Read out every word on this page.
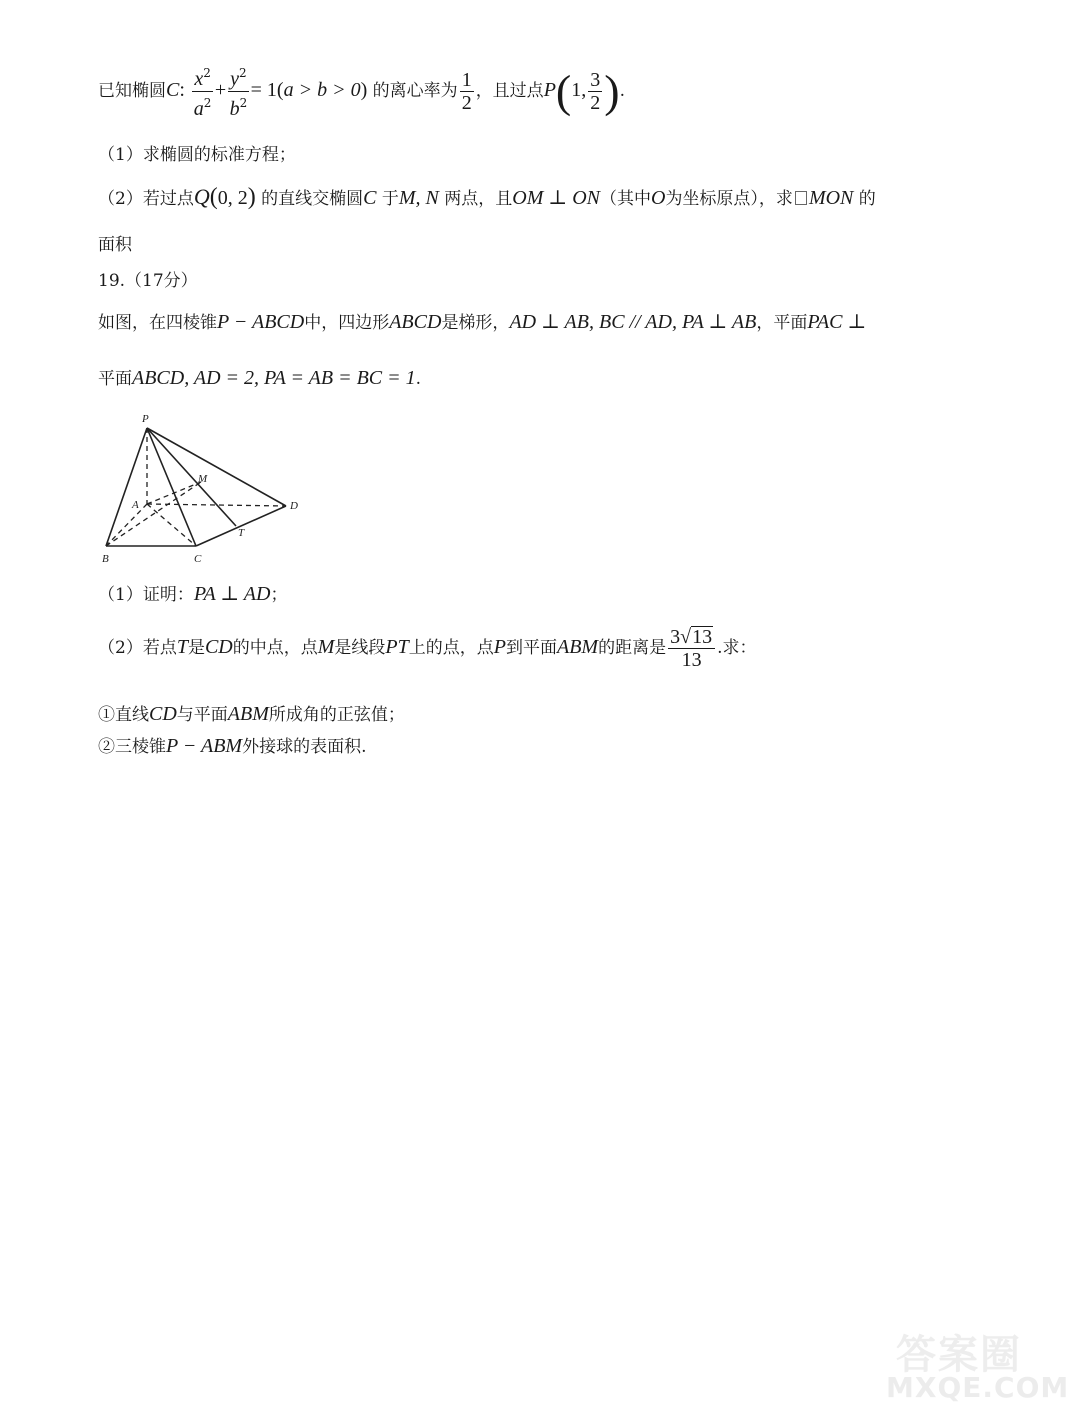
已知椭圆C: $\frac{x^2}{a^2} + \frac{y^2}{b^2} = 1(a > b > 0)$ 的离心率为 $\frac{1}{2}$ ，且过点P(1, $\frac{3}{2}$ ).
（1）求椭圆的标准方程；
（2）若过点Q(0, 2) 的直线交椭圆C 于M, N 两点，且OM ⊥ ON（其中O为坐标原点），求 MON 的
面积
19.（17分）
如图，在四棱锥P − ABCD中，四边形ABCD是梯形，AD ⊥ AB, BC // AD, PA ⊥ AB，平面PAC ⊥
平面ABCD, AD = 2, PA = AB = BC = 1.
P
M
A	D
T
B	C
（1）证明：PA ⊥ AD；
（2）若点T是CD的中点，点M是线段PT上的点，点P到平面ABM的距离是 $\frac{3√13}{13}$ .求：
①直线CD与平面ABM所成角的正弦值；
②三棱锥P − ABM外接球的表面积.
答案圈
MXQE.COM
